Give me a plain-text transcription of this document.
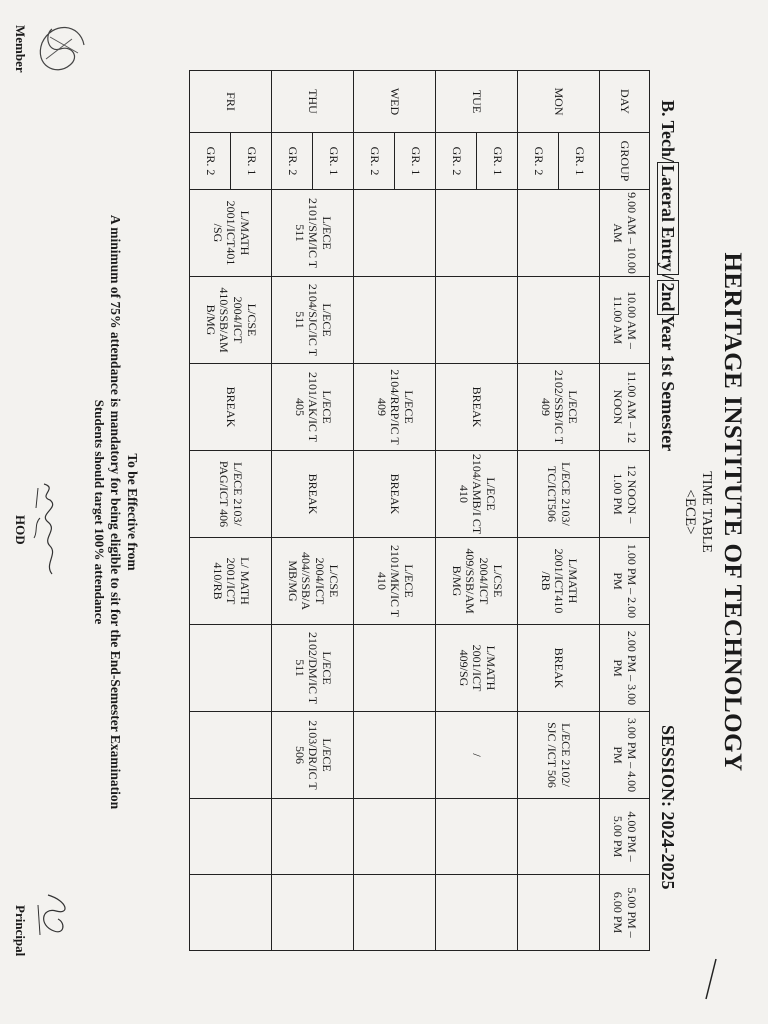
HERITAGE INSTITUTE OF TECHNOLOGY
TIME TABLE
<ECE>
B. Tech/Lateral Entry/2ndYear 1st Semester
SESSION: 2024-2025
DAY	GROUP	9.00 AM – 10.00 AM	10.00 AM – 11.00 AM	11.00 AM – 12 NOON	12 NOON – 1.00 PM	1.00 PM – 2.00 PM	2.00 PM – 3.00 PM	3.00 PM – 4.00 PM	4.00 PM – 5.00 PM	5.00 PM – 6.00 PM
MON	GR. 1			L/ECE 2102/SSB/IC T 409	L/ECE 2103/ TC/ICT506	L/MATH 2001/ICT410 /RB	BREAK	L/ECE 2102/ SJC /ICT 506		
	GR. 2									
TUE	GR. 1			BREAK	L/ECE 2104/AMB/I CT 410	L/CSE 2004/ICT 409/SSB/AM B/MG	L/MATH 2001/ICT 409/SG	/		
	GR. 2									
WED	GR. 1			L/ECE 2104/RRP/IC T 409	BREAK	L/ECE 2101/MK/IC T 410				
	GR. 2									
THU	GR. 1	L/ECE 2101/SM/IC T 511	L/ECE 2104/SJC/IC T 511	L/ECE 2101/AK/IC T 405	BREAK	L/CSE 2004/ICT 404//SSB/A MB/MG	L/ECE 2102/DM/IC T 511	L/ECE 2103/DR/IC T 506		
	GR. 2									
FRI	GR. 1	L/MATH 2001/ICT401 /SG	L/CSE 2004/ICT 410/SSB/AM B/MG	BREAK	L/ECE 2103/ PAG/ICT 406	L/ MATH 2001/ICT 410/RB				
	GR. 2									
To be Effective from
A minimum of 75% attendance is mandatory for being eligible to sit for the End-Semester Examination
Students should target 100% attendance
Member
HOD
Principal
